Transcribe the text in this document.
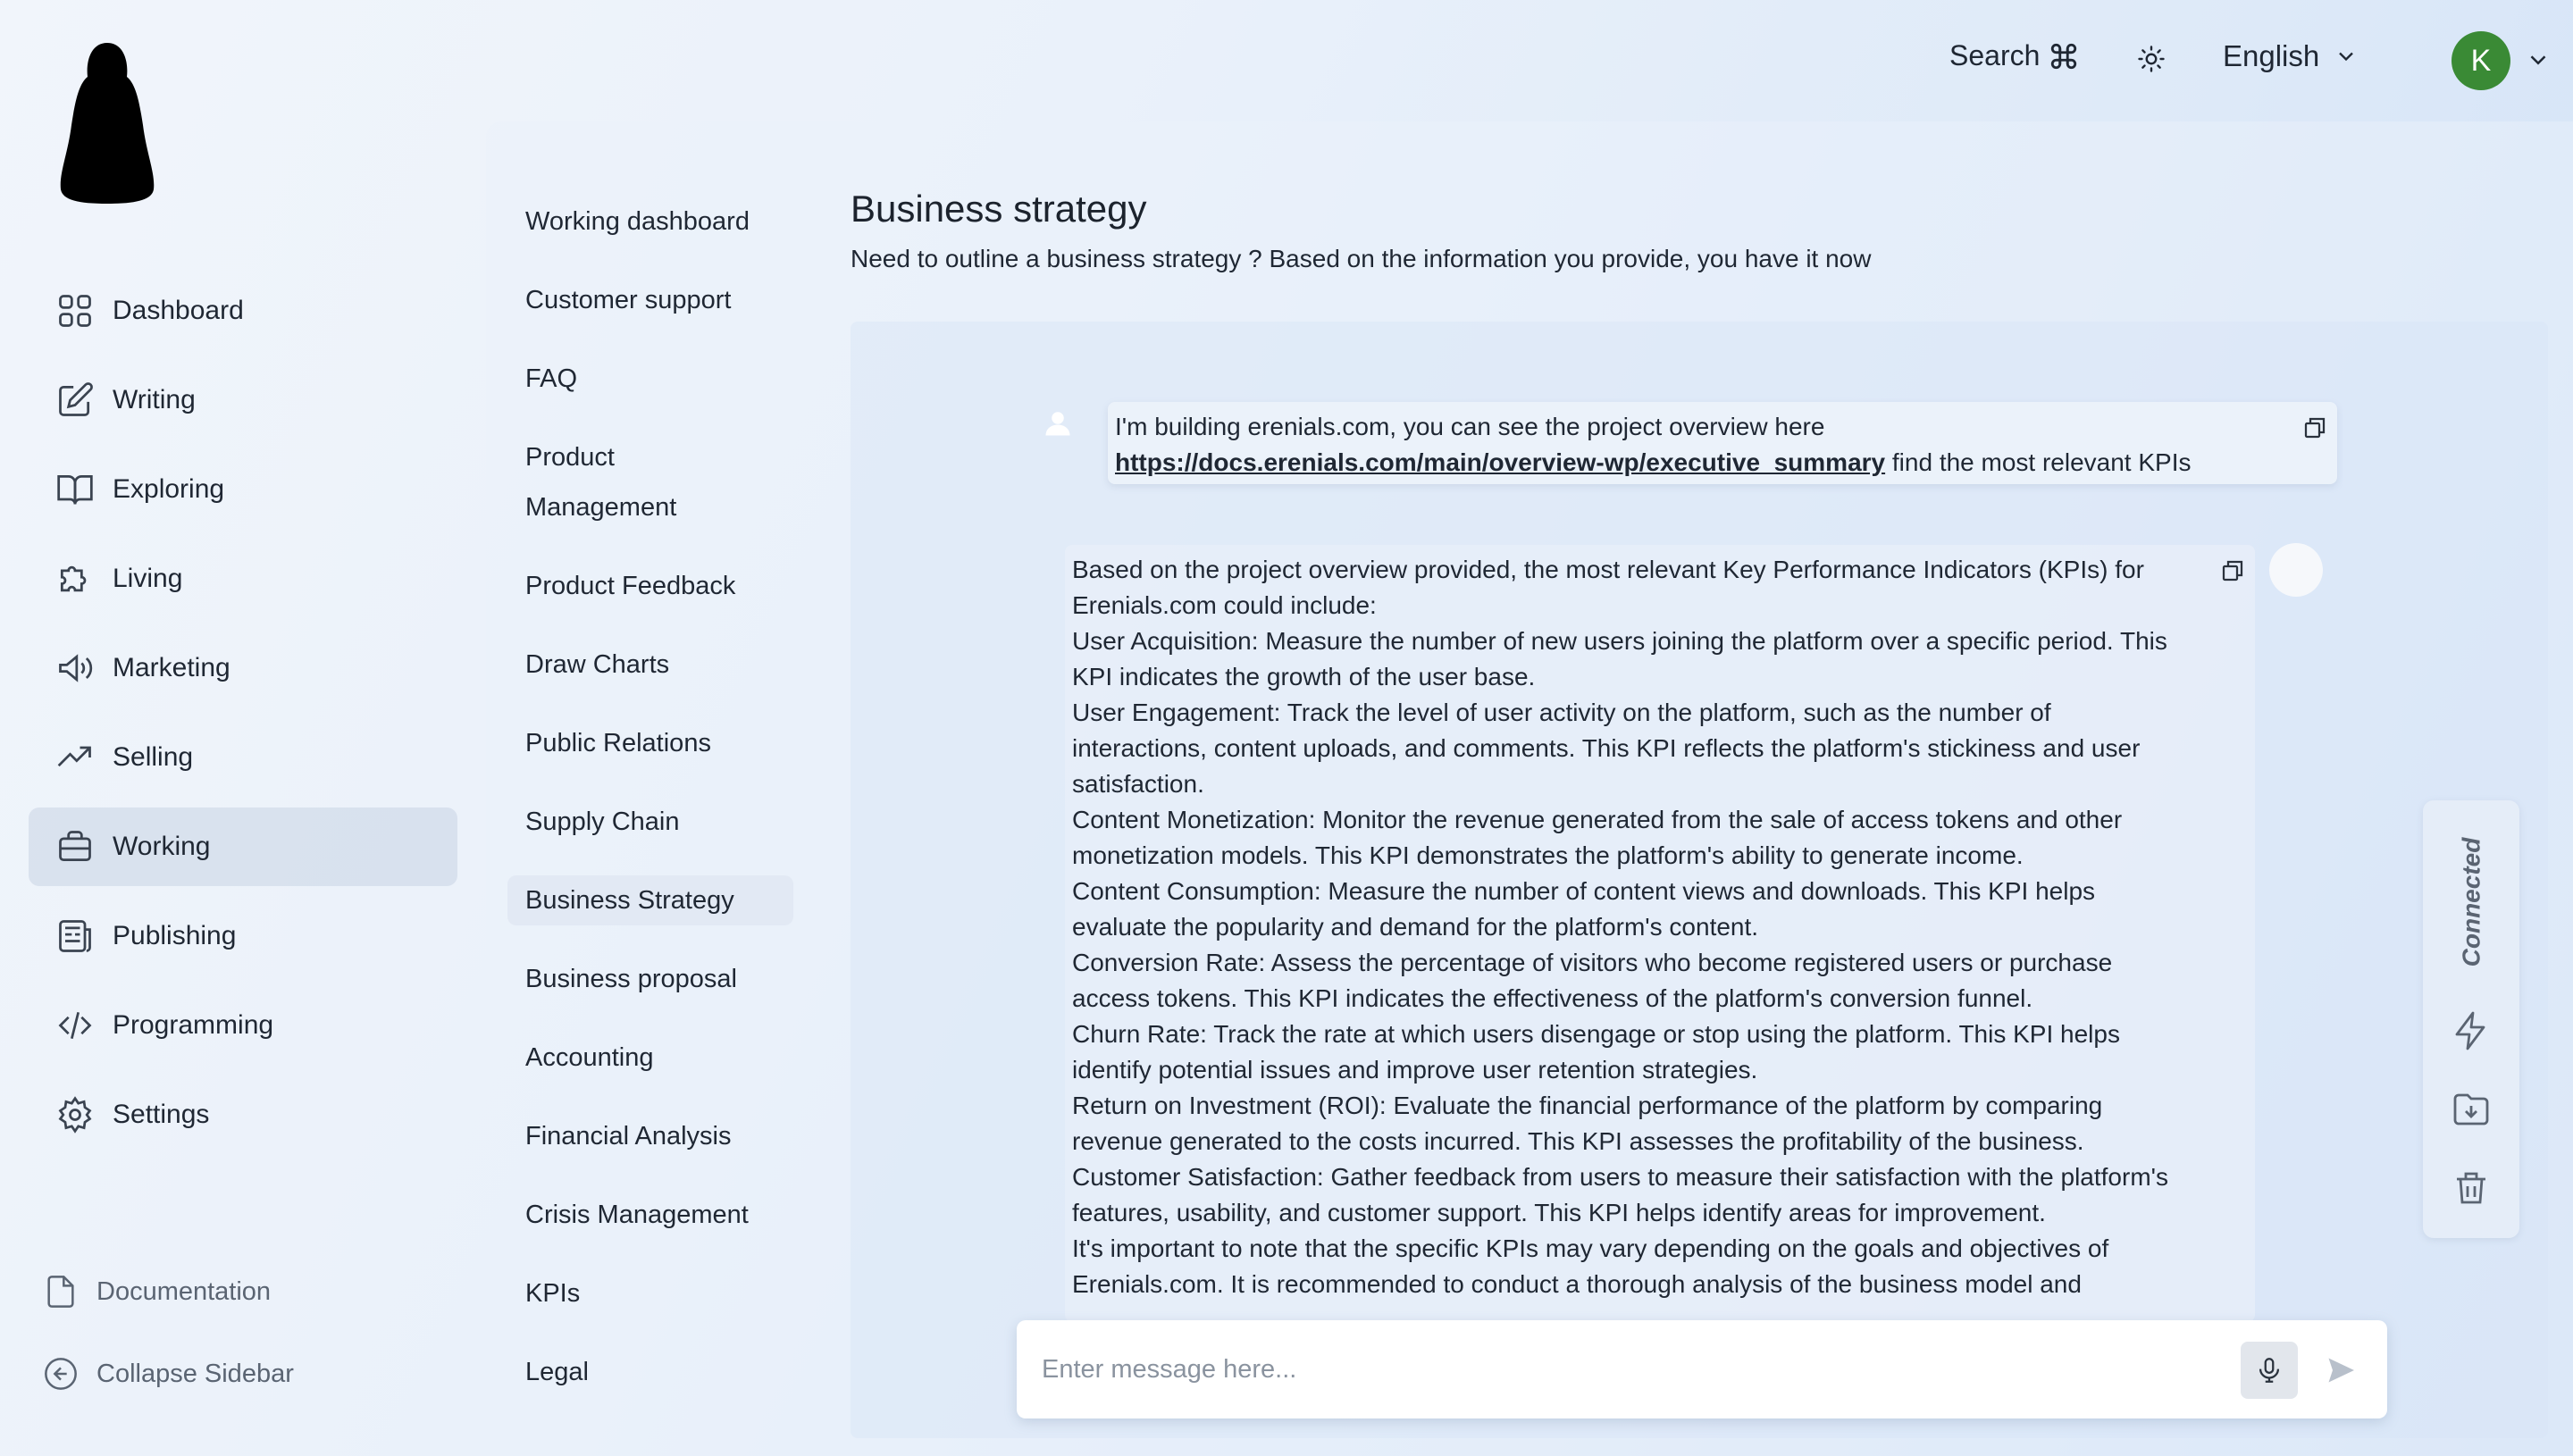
Search	English	K
Dashboard
Writing
Exploring
Living
Marketing
Selling
Working
Publishing
Programming
Settings
Documentation
Collapse Sidebar
Working dashboard
Customer support
FAQ
Product Management
Product Feedback
Draw Charts
Public Relations
Supply Chain
Business Strategy
Business proposal
Accounting
Financial Analysis
Crisis Management
KPIs
Legal
Business strategy

Need to outline a business strategy ? Based on the information you provide, you have it now

I'm building erenials.com, you can see the project overview here
https://docs.erenials.com/main/overview-wp/executive_summary find the most relevant KPIs
Based on the project overview provided, the most relevant Key Performance Indicators (KPIs) for Erenials.com could include:
User Acquisition: Measure the number of new users joining the platform over a specific period. This KPI indicates the growth of the user base.
User Engagement: Track the level of user activity on the platform, such as the number of interactions, content uploads, and comments. This KPI reflects the platform's stickiness and user satisfaction.
Content Monetization: Monitor the revenue generated from the sale of access tokens and other monetization models. This KPI demonstrates the platform's ability to generate income.
Content Consumption: Measure the number of content views and downloads. This KPI helps evaluate the popularity and demand for the platform's content.
Conversion Rate: Assess the percentage of visitors who become registered users or purchase access tokens. This KPI indicates the effectiveness of the platform's conversion funnel.
Churn Rate: Track the rate at which users disengage or stop using the platform. This KPI helps identify potential issues and improve user retention strategies.
Return on Investment (ROI): Evaluate the financial performance of the platform by comparing revenue generated to the costs incurred. This KPI assesses the profitability of the business.
Customer Satisfaction: Gather feedback from users to measure their satisfaction with the platform's features, usability, and customer support. This KPI helps identify areas for improvement.
It's important to note that the specific KPIs may vary depending on the goals and objectives of Erenials.com. It is recommended to conduct a thorough analysis of the business model and
Connected
Enter message here...
